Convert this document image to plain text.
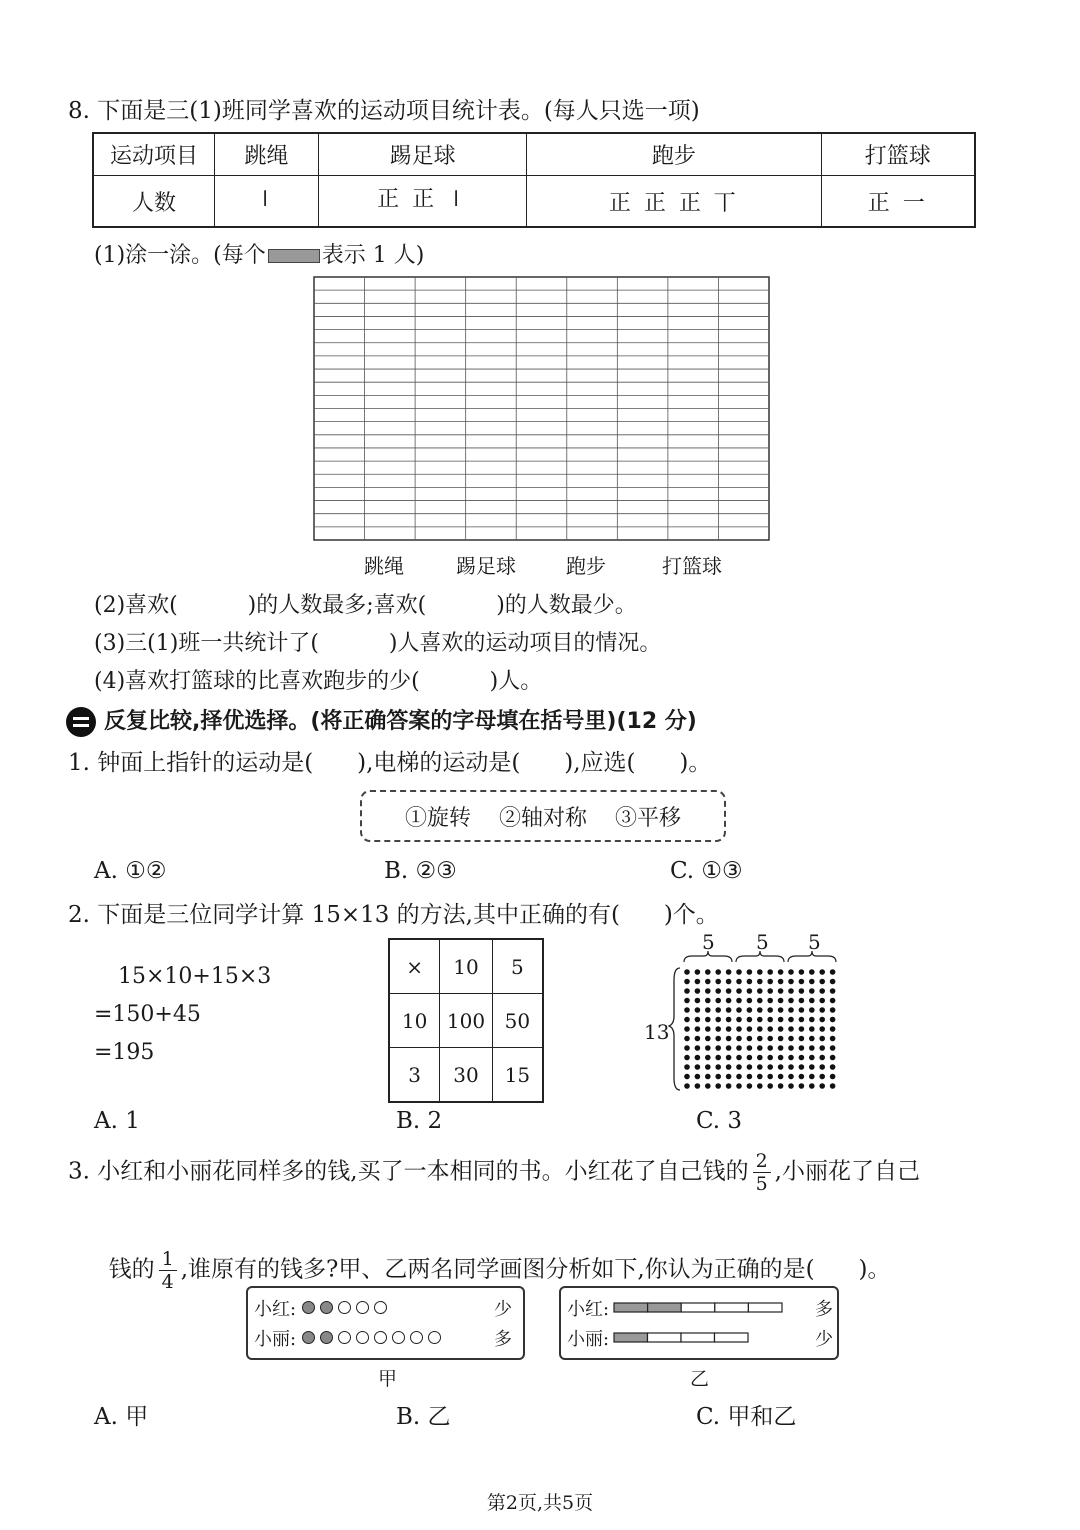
8. 下面是三(1)班同学喜欢的运动项目统计表。(每人只选一项)
运动项目	跳绳	踢足球	跑步	打篮球
人数	𝍷	正 正 𝍷	正 正 正 丅	正 一
(1)涂一涂。(每个	表示 1 人)
跳绳	踢足球	跑步	打篮球
(2)喜欢(          )的人数最多;喜欢(          )的人数最少。
(3)三(1)班一共统计了(          )人喜欢的运动项目的情况。
(4)喜欢打篮球的比喜欢跑步的少(          )人。
反复比较,择优选择。(将正确答案的字母填在括号里)(12 分)
1. 钟面上指针的运动是(      ),电梯的运动是(      ),应选(      )。
①旋转 ②轴对称 ③平移
A. ①②	B. ②③	C. ①③
2. 下面是三位同学计算 15×13 的方法,其中正确的有(      )个。
15×10+15×3
=150+45
=195
×	10	5
10	100	50
3	30	15
5 5 5
13
A. 1	B. 2	C. 3
3. 小红和小丽花同样多的钱,买了一本相同的书。小红花了自己钱的 $\frac{2}{5}$ ,小丽花了自己

钱的 $\frac{1}{4}$ ,谁原有的钱多?甲、乙两名同学画图分析如下,你认为正确的是(      )。

小红:	少
小丽:	多
甲
小红:	多
小丽:	少
乙
A. 甲	B. 乙	C. 甲和乙
第2页,共5页
